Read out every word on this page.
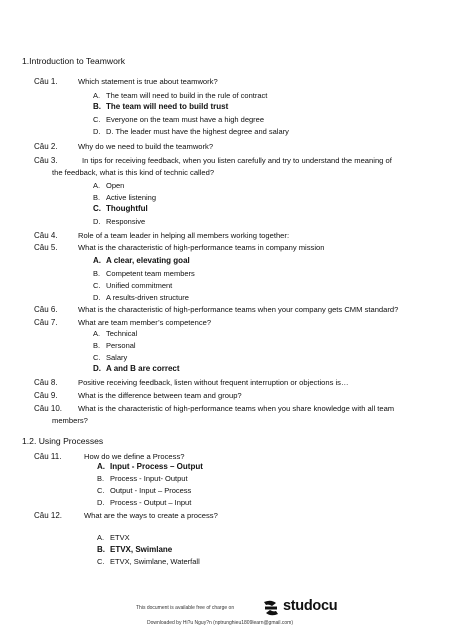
1.Introduction to Teamwork
Câu 1.	Which statement is true about teamwork?
A. The team will need to build in the rule of contract
B. The team will need to build trust
C. Everyone on the team must have a high degree
D. D. The leader must have the highest degree and salary
Câu 2.	Why do we need to build the teamwork?
Câu 3.	In tips for receiving feedback, when you listen carefully and try to understand the meaning of
the feedback, what is this kind of technic called?
A. Open
B. Active listening
C. Thoughtful
D. Responsive
Câu 4.	Role of a team leader in helping all members working together:
Câu 5.	What is the characteristic of high-performance teams in company mission
A. A clear, elevating goal
B. Competent team members
C. Unified commitment
D. A results-driven structure
Câu 6.	What is the characteristic of high-performance teams when your company gets CMM standard?
Câu 7.	What are team member’s competence?
A. Technical
B. Personal
C. Salary
D. A and B are correct
Câu 8.	Positive receiving feedback, listen without frequent interruption or objections is…
Câu 9.	What is the difference between team and group?
Câu 10. What is the characteristic of high-performance teams when you share knowledge with all team
members?
1.2. Using Processes
Câu 11.	How do we define a Process?
A. Input - Process – Output
B. Process - Input- Output
C. Output - Input – Process
D. Process - Output – Input
Câu 12.	What are the ways to create a process?
A. ETVX
B. ETVX, Swimlane
C. ETVX, Swimlane, Waterfall
This document is available free of charge on	studocu
Downloaded by Hi?u Nguy?n (nptrunghieu1809learn@gmail.com)
